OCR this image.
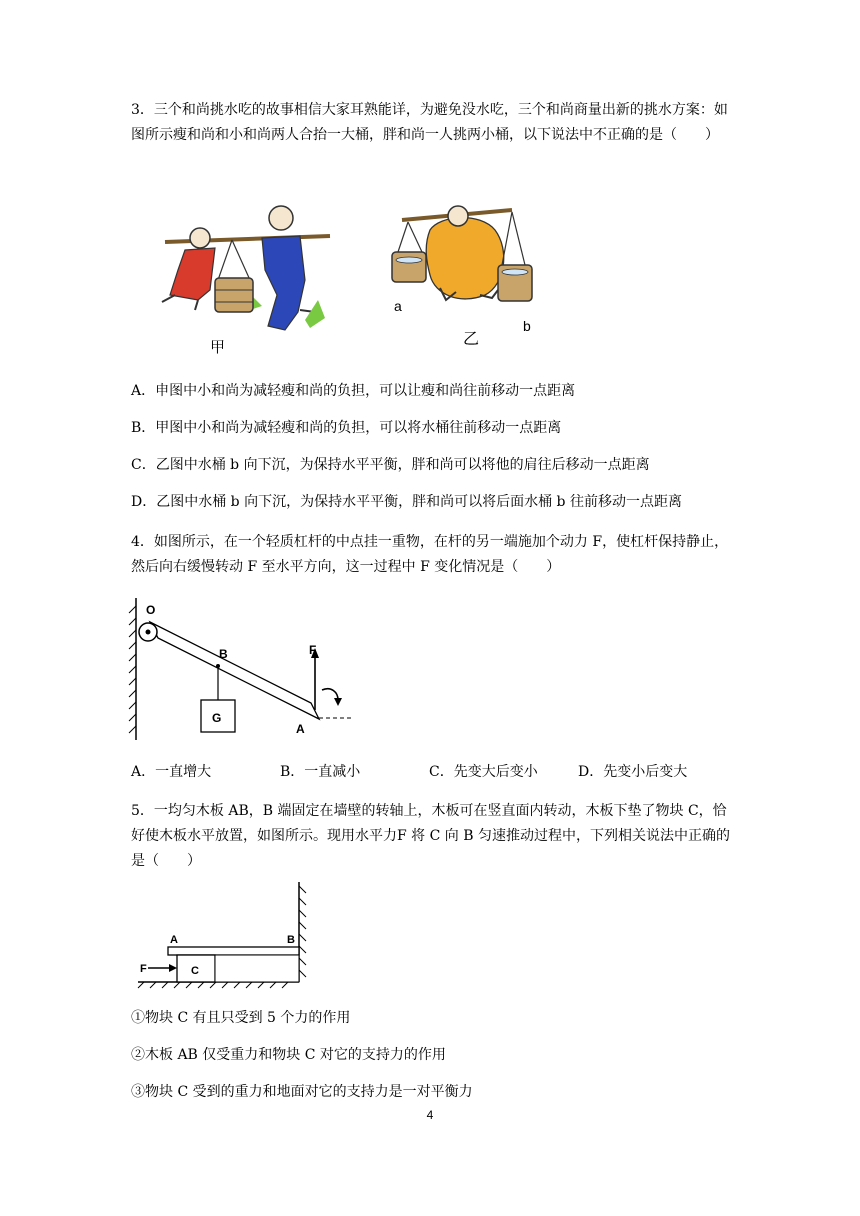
3．三个和尚挑水吃的故事相信大家耳熟能详，为避免没水吃，三个和尚商量出新的挑水方案：如图所示瘦和尚和小和尚两人合抬一大桶，胖和尚一人挑两小桶，以下说法中不正确的是（　　）

甲	乙
a
b
A．申图中小和尚为减轻瘦和尚的负担，可以让瘦和尚往前移动一点距离
B．甲图中小和尚为减轻瘦和尚的负担，可以将水桶往前移动一点距离
C．乙图中水桶 b 向下沉，为保持水平平衡，胖和尚可以将他的肩往后移动一点距离
D．乙图中水桶 b 向下沉，为保持水平平衡，胖和尚可以将后面水桶 b 往前移动一点距离

4．如图所示，在一个轻质杠杆的中点挂一重物，在杆的另一端施加个动力 F，使杠杆保持静止，然后向右缓慢转动 F 至水平方向，这一过程中 F 变化情况是（　　）

O
B	F
G
A
A．一直增大	B．一直减小	C．先变大后变小	D．先变小后变大

5．一均匀木板 AB，B 端固定在墙壁的转轴上，木板可在竖直面内转动，木板下垫了物块 C，恰好使木板水平放置，如图所示。现用水平力F 将 C 向 B 匀速推动过程中，下列相关说法中正确的是（　　）

A	B
F	C
①物块 C 有且只受到 5 个力的作用
②木板 AB 仅受重力和物块 C 对它的支持力的作用
③物块 C 受到的重力和地面对它的支持力是一对平衡力
4
